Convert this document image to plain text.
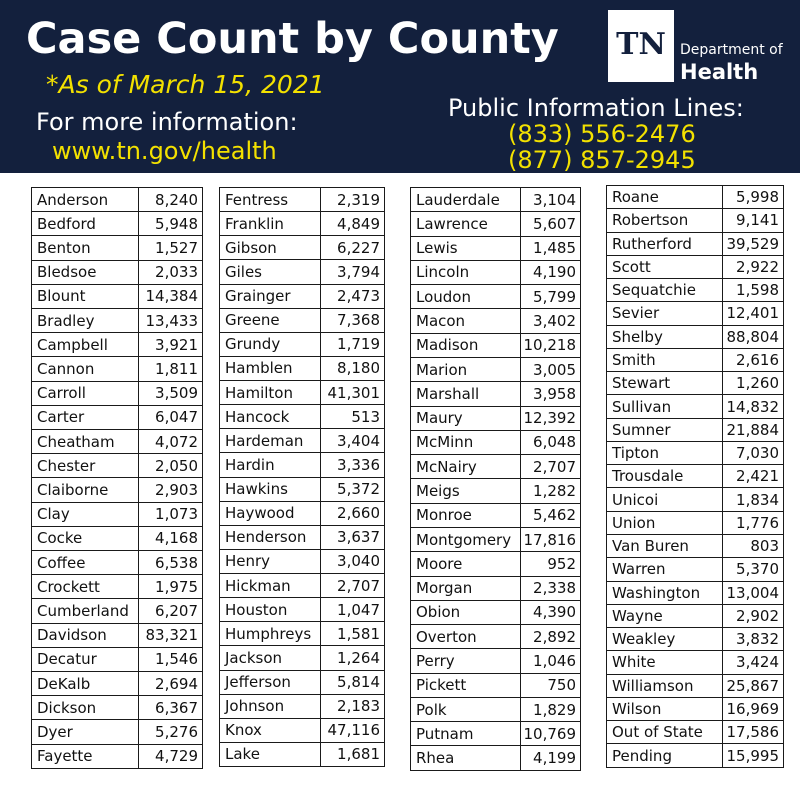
Case Count by County
*As of March 15, 2021
For more information:
www.tn.gov/health
Public Information Lines:
(833) 556-2476
(877) 857-2945
TN	Department of
Health
Anderson	8,240
Bedford	5,948
Benton	1,527
Bledsoe	2,033
Blount	14,384
Bradley	13,433
Campbell	3,921
Cannon	1,811
Carroll	3,509
Carter	6,047
Cheatham	4,072
Chester	2,050
Claiborne	2,903
Clay	1,073
Cocke	4,168
Coffee	6,538
Crockett	1,975
Cumberland	6,207
Davidson	83,321
Decatur	1,546
DeKalb	2,694
Dickson	6,367
Dyer	5,276
Fayette	4,729
Fentress	2,319
Franklin	4,849
Gibson	6,227
Giles	3,794
Grainger	2,473
Greene	7,368
Grundy	1,719
Hamblen	8,180
Hamilton	41,301
Hancock	513
Hardeman	3,404
Hardin	3,336
Hawkins	5,372
Haywood	2,660
Henderson	3,637
Henry	3,040
Hickman	2,707
Houston	1,047
Humphreys	1,581
Jackson	1,264
Jefferson	5,814
Johnson	2,183
Knox	47,116
Lake	1,681
Lauderdale	3,104
Lawrence	5,607
Lewis	1,485
Lincoln	4,190
Loudon	5,799
Macon	3,402
Madison	10,218
Marion	3,005
Marshall	3,958
Maury	12,392
McMinn	6,048
McNairy	2,707
Meigs	1,282
Monroe	5,462
Montgomery	17,816
Moore	952
Morgan	2,338
Obion	4,390
Overton	2,892
Perry	1,046
Pickett	750
Polk	1,829
Putnam	10,769
Rhea	4,199
Roane	5,998
Robertson	9,141
Rutherford	39,529
Scott	2,922
Sequatchie	1,598
Sevier	12,401
Shelby	88,804
Smith	2,616
Stewart	1,260
Sullivan	14,832
Sumner	21,884
Tipton	7,030
Trousdale	2,421
Unicoi	1,834
Union	1,776
Van Buren	803
Warren	5,370
Washington	13,004
Wayne	2,902
Weakley	3,832
White	3,424
Williamson	25,867
Wilson	16,969
Out of State	17,586
Pending	15,995
